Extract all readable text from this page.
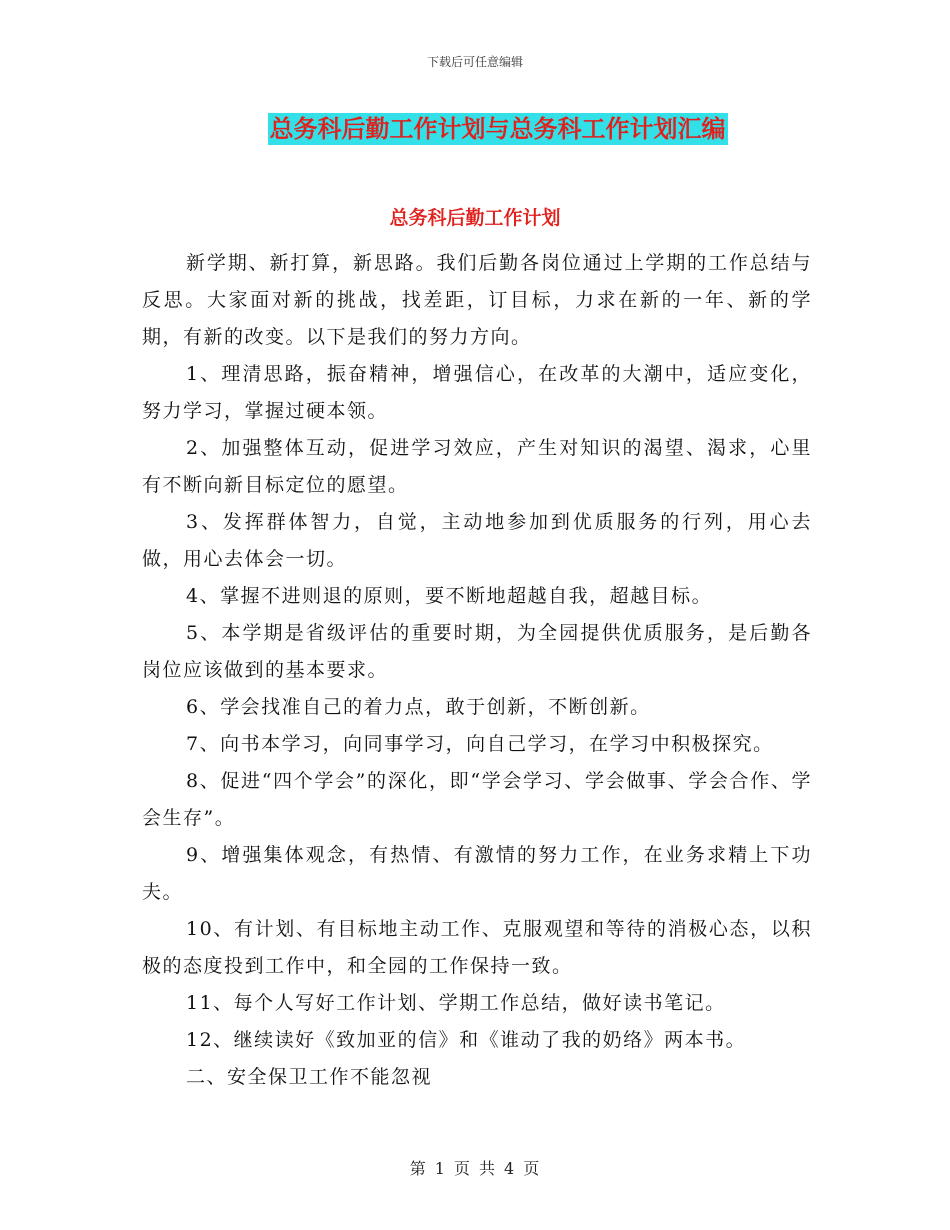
下载后可任意编辑
总务科后勤工作计划与总务科工作计划汇编
总务科后勤工作计划

新学期、新打算，新思路。我们后勤各岗位通过上学期的工作总结与反思。大家面对新的挑战，找差距，订目标，力求在新的一年、新的学期，有新的改变。以下是我们的努力方向。

1、理清思路，振奋精神，增强信心，在改革的大潮中，适应变化，努力学习，掌握过硬本领。

2、加强整体互动，促进学习效应，产生对知识的渴望、渴求，心里有不断向新目标定位的愿望。

3、发挥群体智力，自觉，主动地参加到优质服务的行列，用心去做，用心去体会一切。

4、掌握不进则退的原则，要不断地超越自我，超越目标。

5、本学期是省级评估的重要时期，为全园提供优质服务，是后勤各岗位应该做到的基本要求。

6、学会找准自己的着力点，敢于创新，不断创新。

7、向书本学习，向同事学习，向自己学习，在学习中积极探究。

8、促进“四个学会”的深化，即“学会学习、学会做事、学会合作、学会生存”。

9、增强集体观念，有热情、有激情的努力工作，在业务求精上下功夫。

10、有计划、有目标地主动工作、克服观望和等待的消极心态，以积极的态度投到工作中，和全园的工作保持一致。

11、每个人写好工作计划、学期工作总结，做好读书笔记。

12、继续读好《致加亚的信》和《谁动了我的奶络》两本书。

二、安全保卫工作不能忽视

第 1 页 共 4 页
